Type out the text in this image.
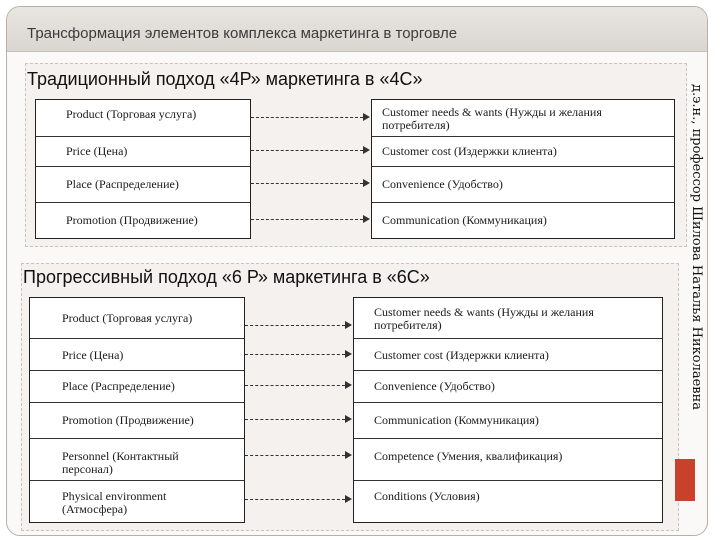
Трансформация элементов комплекса маркетинга в торговле
Традиционный подход «4Р» маркетинга в «4С»
Product (Торговая услуга)
Price (Цена)
Place (Распределение)
Promotion (Продвижение)
Customer needs & wants (Нужды и желания потребителя)
Customer cost (Издержки клиента)
Convenience (Удобство)
Communication (Коммуникация)
Прогрессивный подход «6 Р» маркетинга в «6С»
Product (Торговая услуга)
Price (Цена)
Place (Распределение)
Promotion (Продвижение)
Personnel (Контактный персонал)
Physical environment (Атмосфера)
Customer needs & wants (Нужды и желания потребителя)
Customer cost (Издержки клиента)
Convenience (Удобство)
Communication (Коммуникация)
Competence (Умения, квалификация)
Conditions (Условия)
д.э.н., профессор Шилова Наталья Николаевна
